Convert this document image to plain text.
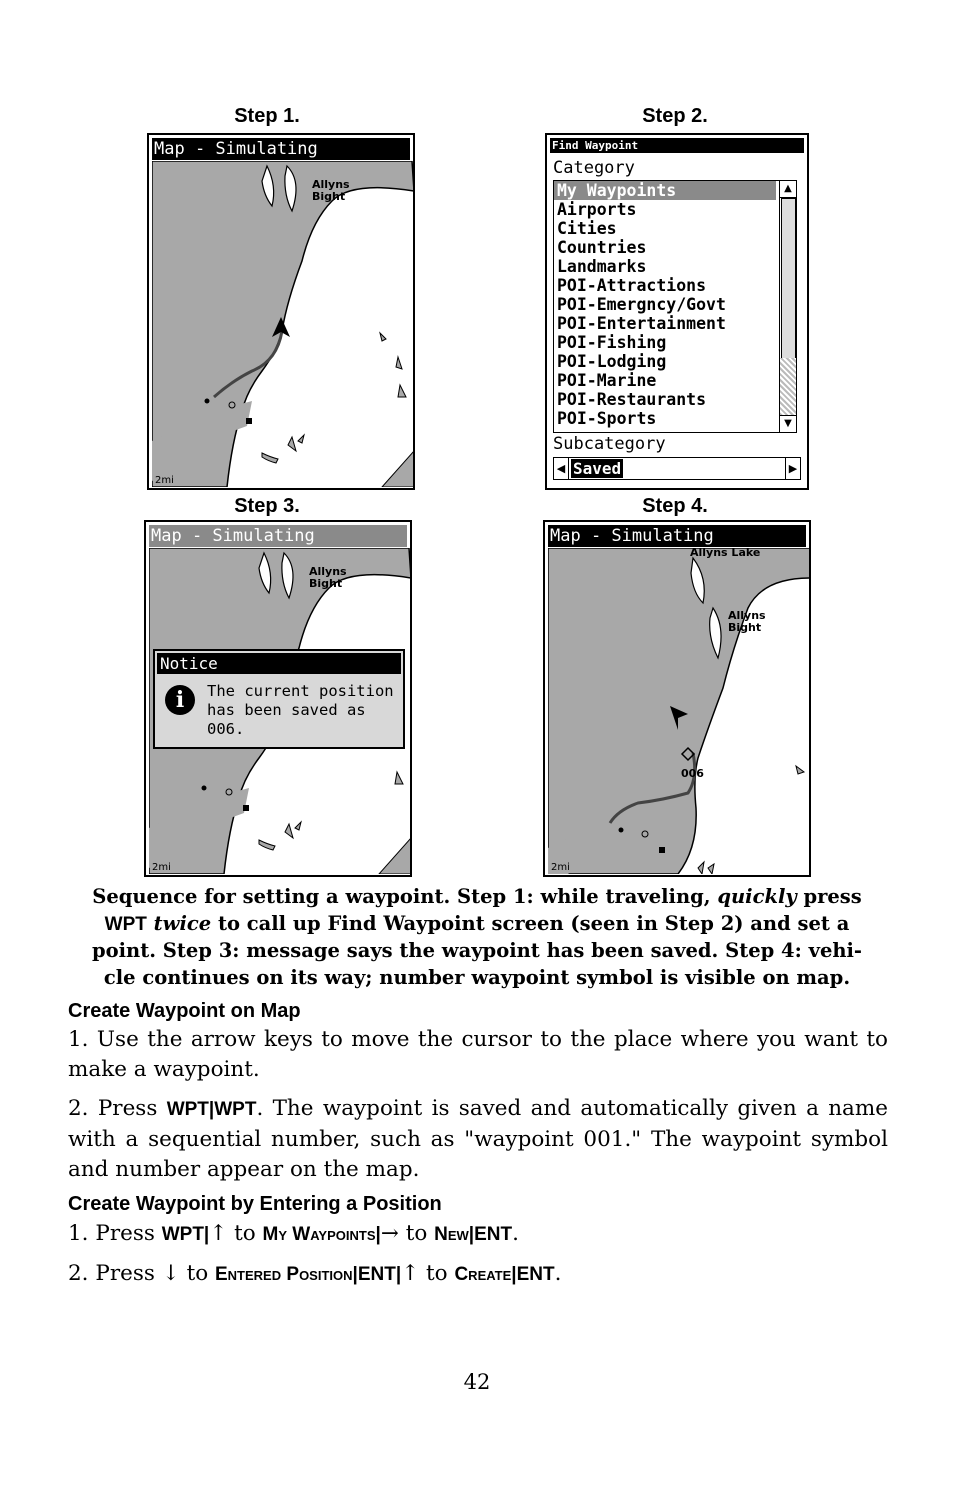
Step 1.	Step 2.
Step 3.	Step 4.
Map - Simulating
Allyns
Bight
2mi
Find Waypoint
Category
My Waypoints
Airports
Cities
Countries
Landmarks
POI-Attractions
POI-Emergncy/Govt
POI-Entertainment
POI-Fishing
POI-Lodging
POI-Marine
POI-Restaurants
POI-Sports
▲
▼
Subcategory
◀ Saved	▶
Map - Simulating
Allyns
Bight
2mi
Notice
i	The current position
has been saved as
006.
Map - Simulating
Allyns Lake
Allyns
Bight
006
2mi
Sequence for setting a waypoint. Step 1: while traveling, quickly press
WPT twice to call up Find Waypoint screen (seen in Step 2) and set a
point. Step 3: message says the waypoint has been saved. Step 4: vehi-
cle continues on its way; number waypoint symbol is visible on map.
Create Waypoint on Map
1. Use the arrow keys to move the cursor to the place where you want to make a waypoint.
2. Press WPT|WPT. The waypoint is saved and automatically given a name with a sequential number, such as "waypoint 001." The waypoint symbol and number appear on the map.
Create Waypoint by Entering a Position
1. Press WPT|↑ to My Waypoints|→ to New|ENT.
2. Press ↓ to Entered Position|ENT|↑ to Create|ENT.
42
